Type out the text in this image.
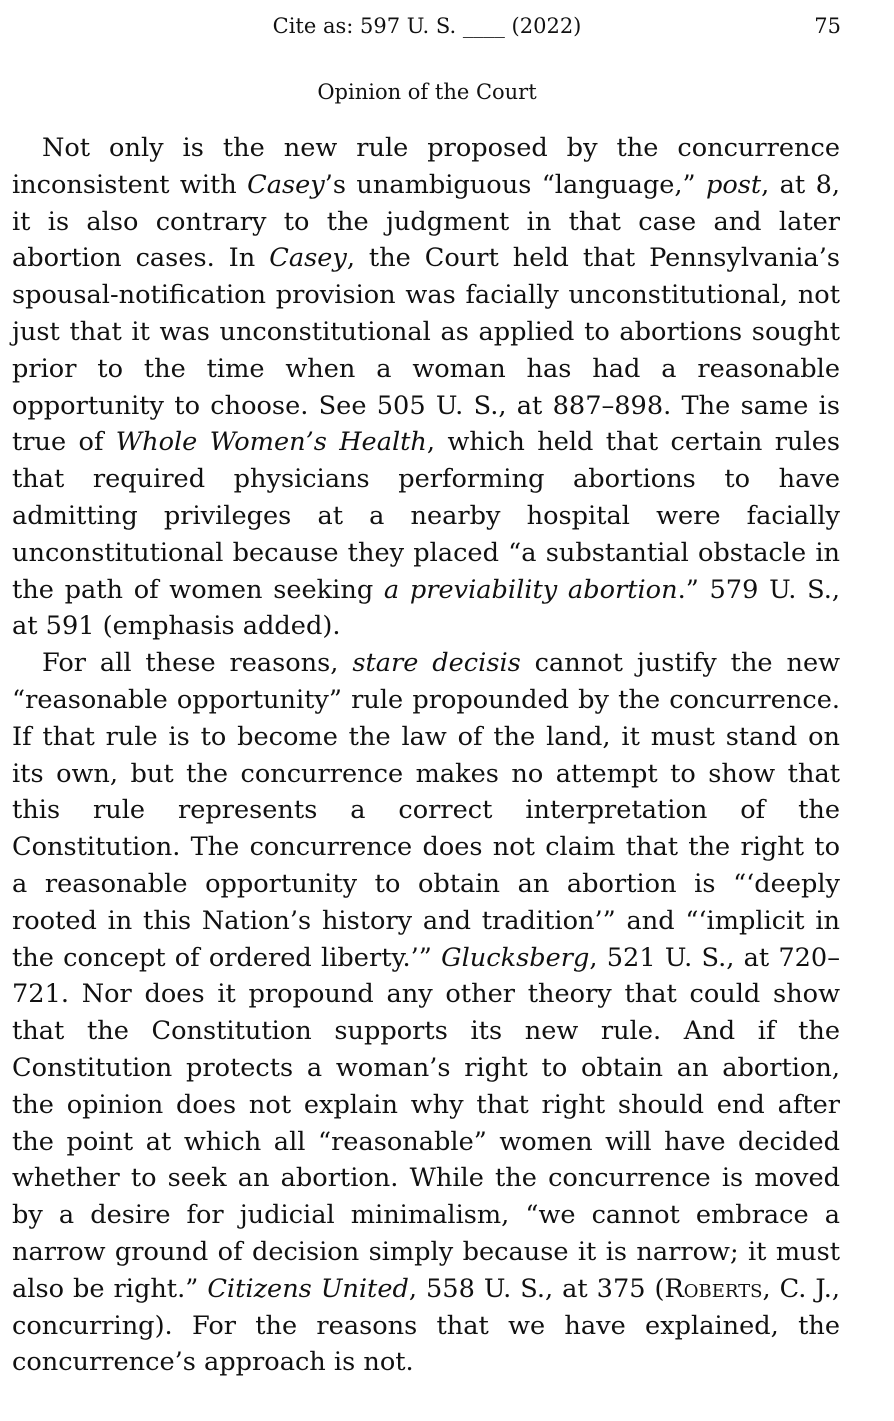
Cite as: 597 U. S. ____ (2022)	75
Opinion of the Court

Not only is the new rule proposed by the concurrence inconsistent with Casey’s unambiguous “language,” post, at 8, it is also contrary to the judgment in that case and later abortion cases. In Casey, the Court held that Pennsylvania’s spousal-notification provision was facially unconstitutional, not just that it was unconstitutional as applied to abortions sought prior to the time when a woman has had a reasonable opportunity to choose. See 505 U. S., at 887–898. The same is true of Whole Women’s Health, which held that certain rules that required physicians performing abortions to have admitting privileges at a nearby hospital were facially unconstitutional because they placed “a substantial obstacle in the path of women seeking a previability abortion.” 579 U. S., at 591 (emphasis added).

For all these reasons, stare decisis cannot justify the new “reasonable opportunity” rule propounded by the concurrence. If that rule is to become the law of the land, it must stand on its own, but the concurrence makes no attempt to show that this rule represents a correct interpretation of the Constitution. The concurrence does not claim that the right to a reasonable opportunity to obtain an abortion is “‘deeply rooted in this Nation’s history and tradition’” and “‘implicit in the concept of ordered liberty.’” Glucksberg, 521 U. S., at 720–721. Nor does it propound any other theory that could show that the Constitution supports its new rule. And if the Constitution protects a woman’s right to obtain an abortion, the opinion does not explain why that right should end after the point at which all “reasonable” women will have decided whether to seek an abortion. While the concurrence is moved by a desire for judicial minimalism, “we cannot embrace a narrow ground of decision simply because it is narrow; it must also be right.” Citizens United, 558 U. S., at 375 (Roberts, C. J., concurring). For the reasons that we have explained, the concurrence’s approach is not.
